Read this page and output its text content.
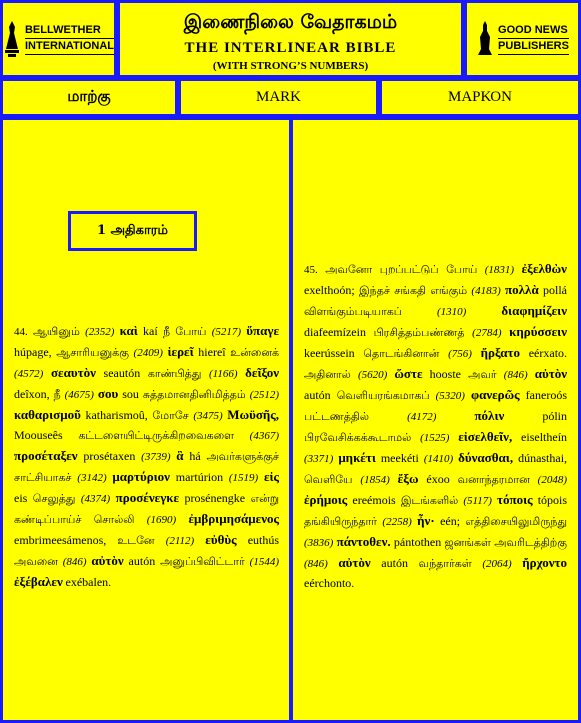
BELLWETHER
INTERNATIONAL
இணைநிலை வேதாகமம்
THE INTERLINEAR BIBLE
(WITH STRONG’S NUMBERS)
GOOD NEWS
PUBLISHERS
மாற்கு	MARK	ΜΑΡΚΟΝ
1 அதிகாரம்
44. ஆயினும் (2352) καὶ kaí நீ போய் (5217) ὕπαγε húpage, ஆசாரியனுக்கு (2409) ἱερεῖ hiereî உன்னைக் (4572) σεαυτὸν seautón காண்பித்து (1166) δεῖξον deîxon, நீ (4675) σου sou சுத்தமானதினிமித்தம் (2512) καθαρισμοῦ katharismoû, மோசே (3475) Μωϋσῆς, Moouseês கட்டளையிட்டிருக்கிறவைகளை (4367) προσέταξεν prosétaxen (3739) ἃ há அவர்களுக்குச் சாட்சியாகச் (3142) μαρτύριον martúrion (1519) εἰς eis செலுத்து (4374) προσένεγκε prosénengke என்று கண்டிப்பாய்ச் சொல்லி (1690) ἐμβριμησάμενος embrimeesámenos, உடனே (2112) εὐθὺς euthús அவனை (846) αὐτὸν autón அனுப்பிவிட்டார் (1544) ἐξέβαλεν exébalen.
45. அவனோ புறப்பட்டுப் போய் (1831) ἐξελθὼν exelthoón; இந்தச் சங்கதி எங்கும் (4183) πολλὰ pollá விளங்கும்படியாகப்	(1310)	διαφημίζειν diafeemízein பிரசித்தம்பண்ணத் (2784) κηρύσσειν keerússein தொடங்கினான் (756) ἤρξατο eérxato. அதினால் (5620) ὥστε hooste அவர் (846) αὐτὸν autón வெளியரங்கமாகப் (5320) φανερῶς faneroós பட்டணத்தில்	(4172)	πόλιν	pólin பிரவேசிக்கக்கூடாமல் (1525) εἰσελθεῖν, eiseltheín (3371) μηκέτι meekéti (1410) δύνασθαι, dúnasthai, வெளியே (1854) ἔξω éxoo வனாந்தரமான (2048) ἐρήμοις ereémois இடங்களில் (5117) τόποις tópois தங்கியிருந்தார் (2258) ἦν· eén; எத்திசையிலுமிருந்து (3836) πάντοθεν. pántothen ஜனங்கள் அவரிடத்திற்கு (846) αὐτὸν autón வந்தார்கள் (2064) ἤρχοντο eérchonto.
